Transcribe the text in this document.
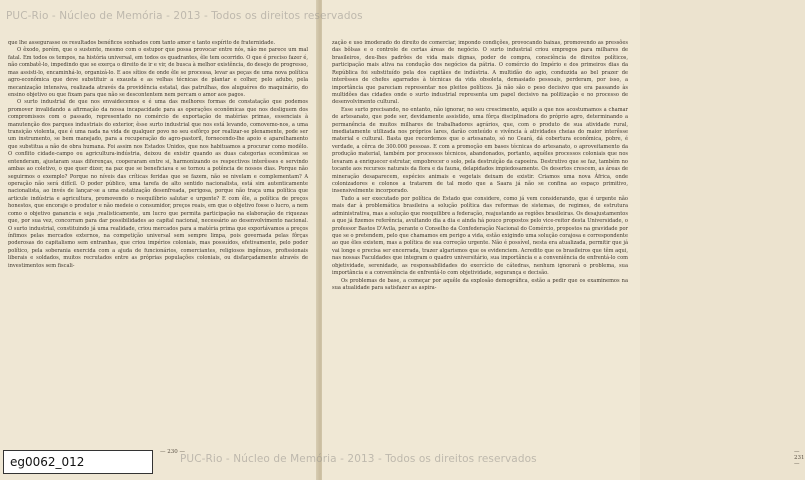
que lhe assegurasse os resultados benéficos sonhados com tanto amor e tanto espírito de fraternidade.

O êxodo, porém, que o sustente, mesmo com o estupor que possa provocar entre nós, não me parece um mal fatal. Em todos os tempos, na história universal, em todos os quadrantes, êle tem ocorrido. O que é preciso fazer é, não combatê-lo, impedindo que se exerça o direito de ir e vir, de busca à melhor existência, do desejo de progresso, mas assisti-lo, encaminhá-lo, organizá-lo. E aos sítios de onde êle se processa, levar as peças de uma nova política agro-econômica que deve substituir a exausta e as velhas técnicas de plantar e colher, pelo adubo, pela mecanização intensiva, realizada através da providência estatal, das patrulhas, dos aluguéres do maquinário, do ensino objetivo ou que fixam para que não se descontentem nem percam o amor aos pagos.

O surto industrial de que nos envaidecemos e é uma das melhores formas de constatação que podemos promover invalidando a afirmação da nossa incapacidade para as operações econômicas que nos desliguem dos compromissos com o passado, representado no comércio de exportação de matérias primas, essenciais à manutenção dos parques industriais do exterior, êsse surto industrial que nos está levando, comovemo-nos, a uma transição violenta, que é uma nada na vida de qualquer povo no seu esfôrço por realizar-se plenamente, pode ser um instrumento, se bem manejado, para a recuperação do agro-pastoril, fornecendo-lhe apoio e aparelhamento que substitua a não de obra humana. Foi assim nos Estados Unidos, que nos habituamos a procurar como modêlo. O conflito cidade-campo ou agricultura-indústria, deixou de existir quando as duas categorias econômicas se entenderam, ajustaram suas diferenças, cooperaram entre si, harmonizando os respectivos interêsses e servindo ambas ao coletivo, o que quer dizer, na paz que se beneficiava e se tornou a potência de nossos dias. Porque não seguirmos o exemplo? Porque no níveis das críticas feridas que se fazem, não se nivelam e complementam? A operação não será difícil. O poder público, uma tarefa de alto sentido nacionalista, está sim autenticamente nacionalista, ao invés de lançar-se a uma estatização desenfreada, perigosa, porque não traça uma política que articule indústria e agricultura, promovendo o reequilíbrio salutar e urgente? E com êle, a política de preços honestos, que encoraje o produtor e não medeie o consumidor, preços reais, em que o objetivo fosse o lucro, a nem como o objetivo ganancia e seja ,realisticamente, um lucro que permita participação na elaboração de riquezas que, por sua vez, concorram para dar possibilidades ao capital nacional, necessário ao desenvolvimento nacional. O surto industrial, constituindo já uma realidade, criou mercados para a matéria prima que exportávamos a preços ínfimos pelas mercados externos, na competição universal sem sempre limpa, pois governada pelas fôrças poderosas do capitalismo sem entranhas, que criou impérios coloniais, mas possuídos, efetivamente, pelo poder político, pela soberania exercida com a ajuda de funcionários, comerciantes, religiosos ingênuos, profissionais liberais e soldados, muitos recrutados entre as próprias populações coloniais, ou disfarçadamente através de investimentos sem fiscali-

— 230 —

zação e uso imoderado do direito de comerciar, impondo condições, provocando baixas, promovendo as pressões das bôlsas e o controle de certas áreas de negócio. O surto industrial criou empregos para milhares de brasileiros, deu-lhes padrões de vida mais dignas, poder de compra, consciência de direitos políticos, participação mais ativa na condução dos negócios da pátria. O comércio do Império e dos primeiros dias da República foi substituído pela dos capitães de indústria. A multidão do agio, conduzida ao bel prazer de interêsses de chefes agarrados à técnicas da vida obsoleta, demasiado pessoais, perderam, por isso, a importância que pareciam representar nos pleitos políticos. Já não são o peso decisivo que era passando às multidões das cidades onde o surto industrial representa um papel decisivo na politização e no processo de desenvolvimento cultural.

Esse surto precisando, no entanto, não ignorar, no seu crescimento, aquilo a que nos acostumamos a chamar de artesanato, que pode ser, devidamente assistido, uma fôrça disciplinadora do próprio agro, determinando a permanência de muitos milhares de trabalhadores agrários, que, com o produto de sua atividade rural, imediatamente utilizada nos próprios lares, darão conteúdo e vivência à atividades cheias do maior interêsse material e cultural. Basta que recordemos que o artesanato, só no Ceará, dá cobertura econômica, pobre, é verdade, a cêrca de 300.000 pessoas. E com a promoção em bases técnicas do artesanato, o aproveitamento da produção material, também por processos técnicos, abandonados, portanto, aquêles processos coloniais que nos levaram a enriquecer estrutar, empobrecer o solo, pela destruição da capoeira. Destrutivo que se faz, também no tocante aos recursos naturais da flora e da fauna, delapidados impiedosamente. Os desertos crescem, as áreas de mineração desaparecem, espécies animais e vegetais deixam de existir. Criamos uma nova África, onde colonizadores e colonos a tratarem de tal modo que a Saara já não se confina ao espaço primitivo, insensivelmente incorporado.

Tudo a ser executado por política de Estado que considere, como já vem considerando, que é urgente não mais dar à problemática brasileira a solução política das reformas de sistemas, de regimes, de estrutura administrativa, mas a solução que reequilibre a federação, reajustando as regiões brasileiras. Os desajustamentos a que já fizemos referência, avultando dia a dia e ainda há pouco propostos pelo vice-reitor desta Universidade, o professor Bastos D'Avila, perante o Conselho da Confederação Nacional do Comércio, propostos na gravidade por que se o pretendem, pelo que chamamos em perigo a vida, estão exigindo uma solução corajosa e correspondente ao que êles existem, mas a política de sua correção urgente. Não é possível, nesta era atualizada, permitir que já vai longe e precisa ser encerrada, trazer algarismos que os evidenciem. Acredito que os brasileiros que têm aqui, nas nossas Faculdades que integram o quadro universitário, sua importância e a conveniência de enfrentá-lo com objetividade, serenidade, as responsabilidades do exercício de cátedras, nenhum ignorará o problema, sua importância e a conveniência de enfrentá-lo com objetividade, segurança e decisão.

Os problemas de base, a começar por aquêle da explosão demográfica, estão a pedir que os examinemos na sua atualidade para satisfazer as aspira-

— 231 —
PUC-Rio - Núcleo de Memória - 2013 - Todos os direitos reservados
PUC-Rio - Núcleo de Memória - 2013 - Todos os direitos reservados
eg0062_012
